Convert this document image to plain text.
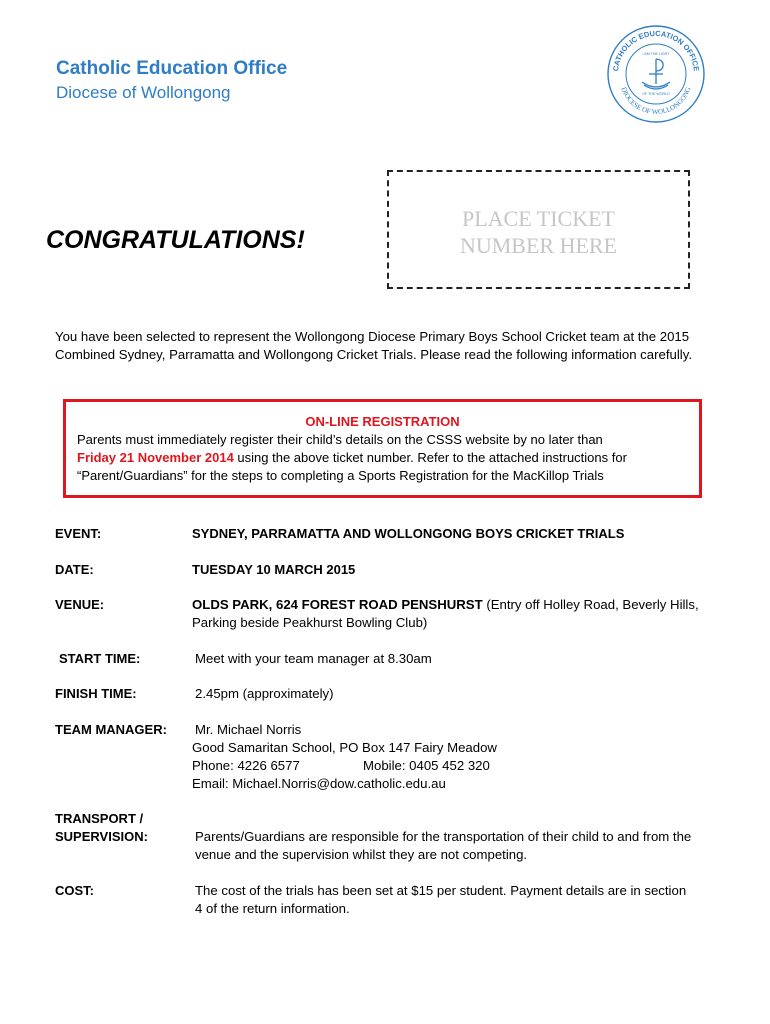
Catholic Education Office
Diocese of Wollongong
CATHOLIC EDUCATION OFFICE
DIOCESE OF WOLLONGONG
I AM THE LIGHT
OF THE WORLD
CONGRATULATIONS!
PLACE TICKET
NUMBER HERE
You have been selected to represent the Wollongong Diocese Primary Boys School Cricket team at the 2015 Combined Sydney, Parramatta and Wollongong Cricket Trials. Please read the following information carefully.
ON-LINE REGISTRATION
Parents must immediately register their child’s details on the CSSS website by no later than
Friday 21 November 2014 using the above ticket number. Refer to the attached instructions for “Parent/Guardians” for the steps to completing a Sports Registration for the MacKillop Trials
EVENT:	SYDNEY, PARRAMATTA AND WOLLONGONG BOYS CRICKET TRIALS
DATE:	TUESDAY 10 MARCH 2015
VENUE:	OLDS PARK, 624 FOREST ROAD PENSHURST (Entry off Holley Road, Beverly Hills, Parking beside Peakhurst Bowling Club)
START TIME:	Meet with your team manager at 8.30am
FINISH TIME:	2.45pm (approximately)
TEAM MANAGER: Mr. Michael Norris
Good Samaritan School, PO Box 147 Fairy Meadow
Phone: 4226 6577	Mobile: 0405 452 320
Email: Michael.Norris@dow.catholic.edu.au
TRANSPORT /
SUPERVISION:	Parents/Guardians are responsible for the transportation of their child to and from the venue and the supervision whilst they are not competing.
COST:	The cost of the trials has been set at $15 per student. Payment details are in section 4 of the return information.
